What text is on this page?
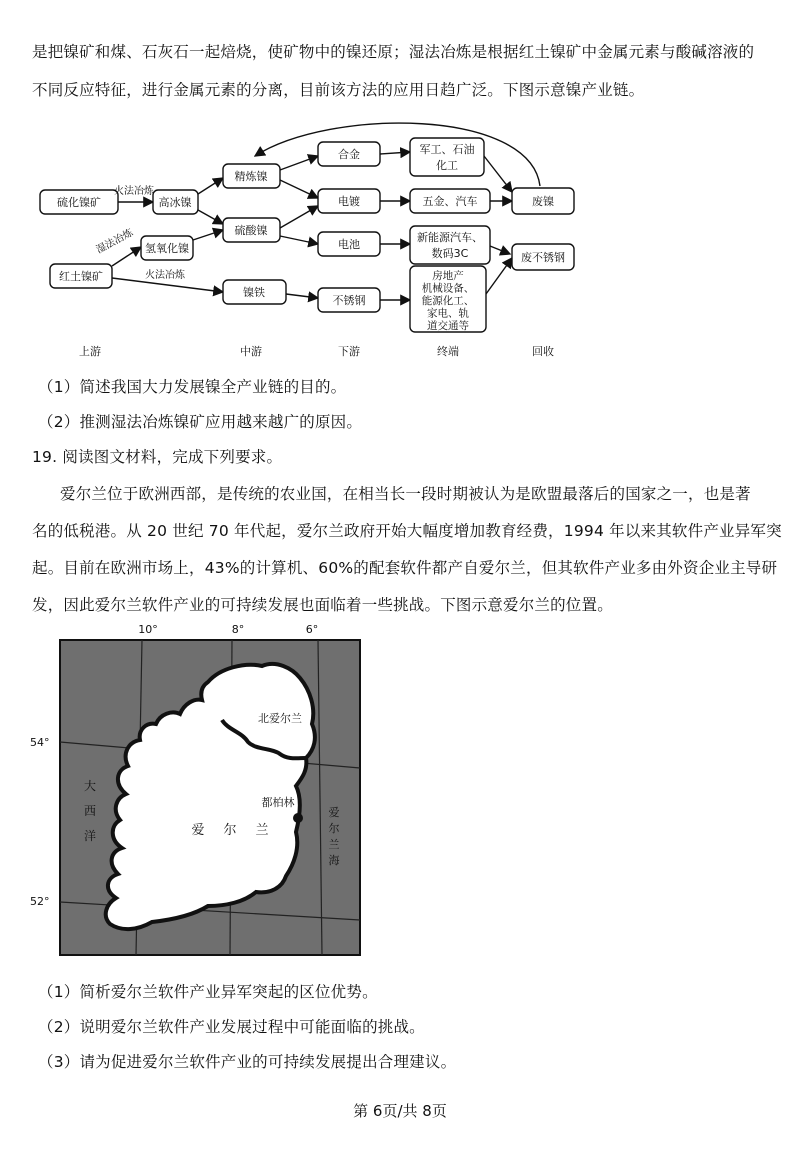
是把镍矿和煤、石灰石一起焙烧，使矿物中的镍还原；湿法冶炼是根据红土镍矿中金属元素与酸碱溶液的
不同反应特征，进行金属元素的分离，目前该方法的应用日趋广泛。下图示意镍产业链。
硫化镍矿	高冰镍
红土镍矿
氢氧化镍
精炼镍
硫酸镍
镍铁
合金
电镀
电池
不锈钢
军工、石油
化工
五金、汽车
新能源汽车、
数码3C
房地产
机械设备、
能源化工、
家电、轨
道交通等
废镍
废不锈钢
火法冶炼
湿法冶炼
火法冶炼
上游	中游	下游	终端	回收
（1）简述我国大力发展镍全产业链的目的。
（2）推测湿法冶炼镍矿应用越来越广的原因。
19. 阅读图文材料，完成下列要求。
爱尔兰位于欧洲西部，是传统的农业国，在相当长一段时期被认为是欧盟最落后的国家之一，也是著
名的低税港。从 20 世纪 70 年代起，爱尔兰政府开始大幅度增加教育经费，1994 年以来其软件产业异军突
起。目前在欧洲市场上，43%的计算机、60%的配套软件都产自爱尔兰，但其软件产业多由外资企业主导研
发，因此爱尔兰软件产业的可持续发展也面临着一些挑战。下图示意爱尔兰的位置。
10°	8°	6°
54°
52°
北爱尔兰
都柏林
爱 尔 兰
大
西
洋
爱
尔
兰
海
（1）简析爱尔兰软件产业异军突起的区位优势。
（2）说明爱尔兰软件产业发展过程中可能面临的挑战。
（3）请为促进爱尔兰软件产业的可持续发展提出合理建议。
第 6页/共 8页
